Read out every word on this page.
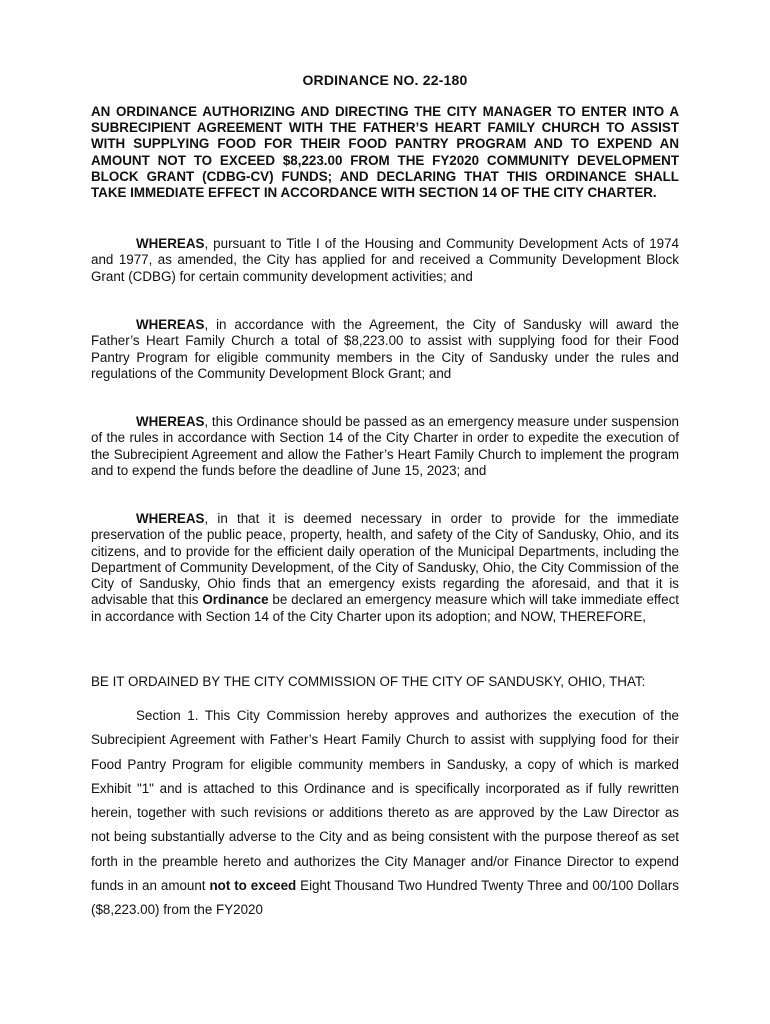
ORDINANCE NO. 22-180
AN ORDINANCE AUTHORIZING AND DIRECTING THE CITY MANAGER TO ENTER INTO A SUBRECIPIENT AGREEMENT WITH THE FATHER’S HEART FAMILY CHURCH TO ASSIST WITH SUPPLYING FOOD FOR THEIR FOOD PANTRY PROGRAM AND TO EXPEND AN AMOUNT NOT TO EXCEED $8,223.00 FROM THE FY2020 COMMUNITY DEVELOPMENT BLOCK GRANT (CDBG-CV) FUNDS; AND DECLARING THAT THIS ORDINANCE SHALL TAKE IMMEDIATE EFFECT IN ACCORDANCE WITH SECTION 14 OF THE CITY CHARTER.
WHEREAS, pursuant to Title I of the Housing and Community Development Acts of 1974 and 1977, as amended, the City has applied for and received a Community Development Block Grant (CDBG) for certain community development activities; and
WHEREAS, in accordance with the Agreement, the City of Sandusky will award the Father’s Heart Family Church a total of $8,223.00 to assist with supplying food for their Food Pantry Program for eligible community members in the City of Sandusky under the rules and regulations of the Community Development Block Grant; and
WHEREAS, this Ordinance should be passed as an emergency measure under suspension of the rules in accordance with Section 14 of the City Charter in order to expedite the execution of the Subrecipient Agreement and allow the Father’s Heart Family Church to implement the program and to expend the funds before the deadline of June 15, 2023; and
WHEREAS, in that it is deemed necessary in order to provide for the immediate preservation of the public peace, property, health, and safety of the City of Sandusky, Ohio, and its citizens, and to provide for the efficient daily operation of the Municipal Departments, including the Department of Community Development, of the City of Sandusky, Ohio, the City Commission of the City of Sandusky, Ohio finds that an emergency exists regarding the aforesaid, and that it is advisable that this Ordinance be declared an emergency measure which will take immediate effect in accordance with Section 14 of the City Charter upon its adoption; and NOW, THEREFORE,
BE IT ORDAINED BY THE CITY COMMISSION OF THE CITY OF SANDUSKY, OHIO, THAT:
Section 1. This City Commission hereby approves and authorizes the execution of the Subrecipient Agreement with Father’s Heart Family Church to assist with supplying food for their Food Pantry Program for eligible community members in Sandusky, a copy of which is marked Exhibit "1" and is attached to this Ordinance and is specifically incorporated as if fully rewritten herein, together with such revisions or additions thereto as are approved by the Law Director as not being substantially adverse to the City and as being consistent with the purpose thereof as set forth in the preamble hereto and authorizes the City Manager and/or Finance Director to expend funds in an amount not to exceed Eight Thousand Two Hundred Twenty Three and 00/100 Dollars ($8,223.00) from the FY2020
